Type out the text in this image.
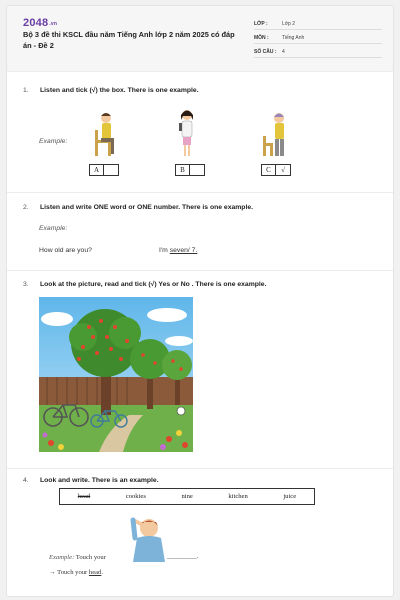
$2048^{.vn}$
Bộ 3 đề thi KSCL đầu năm Tiếng Anh lớp 2 năm 2025 có đáp án - Đề 2
LỚP :	Lớp 2
MÔN :	Tiếng Anh
SỐ CÂU :	4
1. Listen and tick (√) the box. There is one example.
Example:
A	B	C	√
2. Listen and write ONE word or ONE number. There is one example.
Example:
How old are you?	I'm seven/ 7.
3. Look at the picture, read and tick (√) Yes or No . There is one example.
4. Look and write. There is an example.
head	cookies	nine	kitchen	juice
Example: Touch your	_________.
→ Touch your head.
